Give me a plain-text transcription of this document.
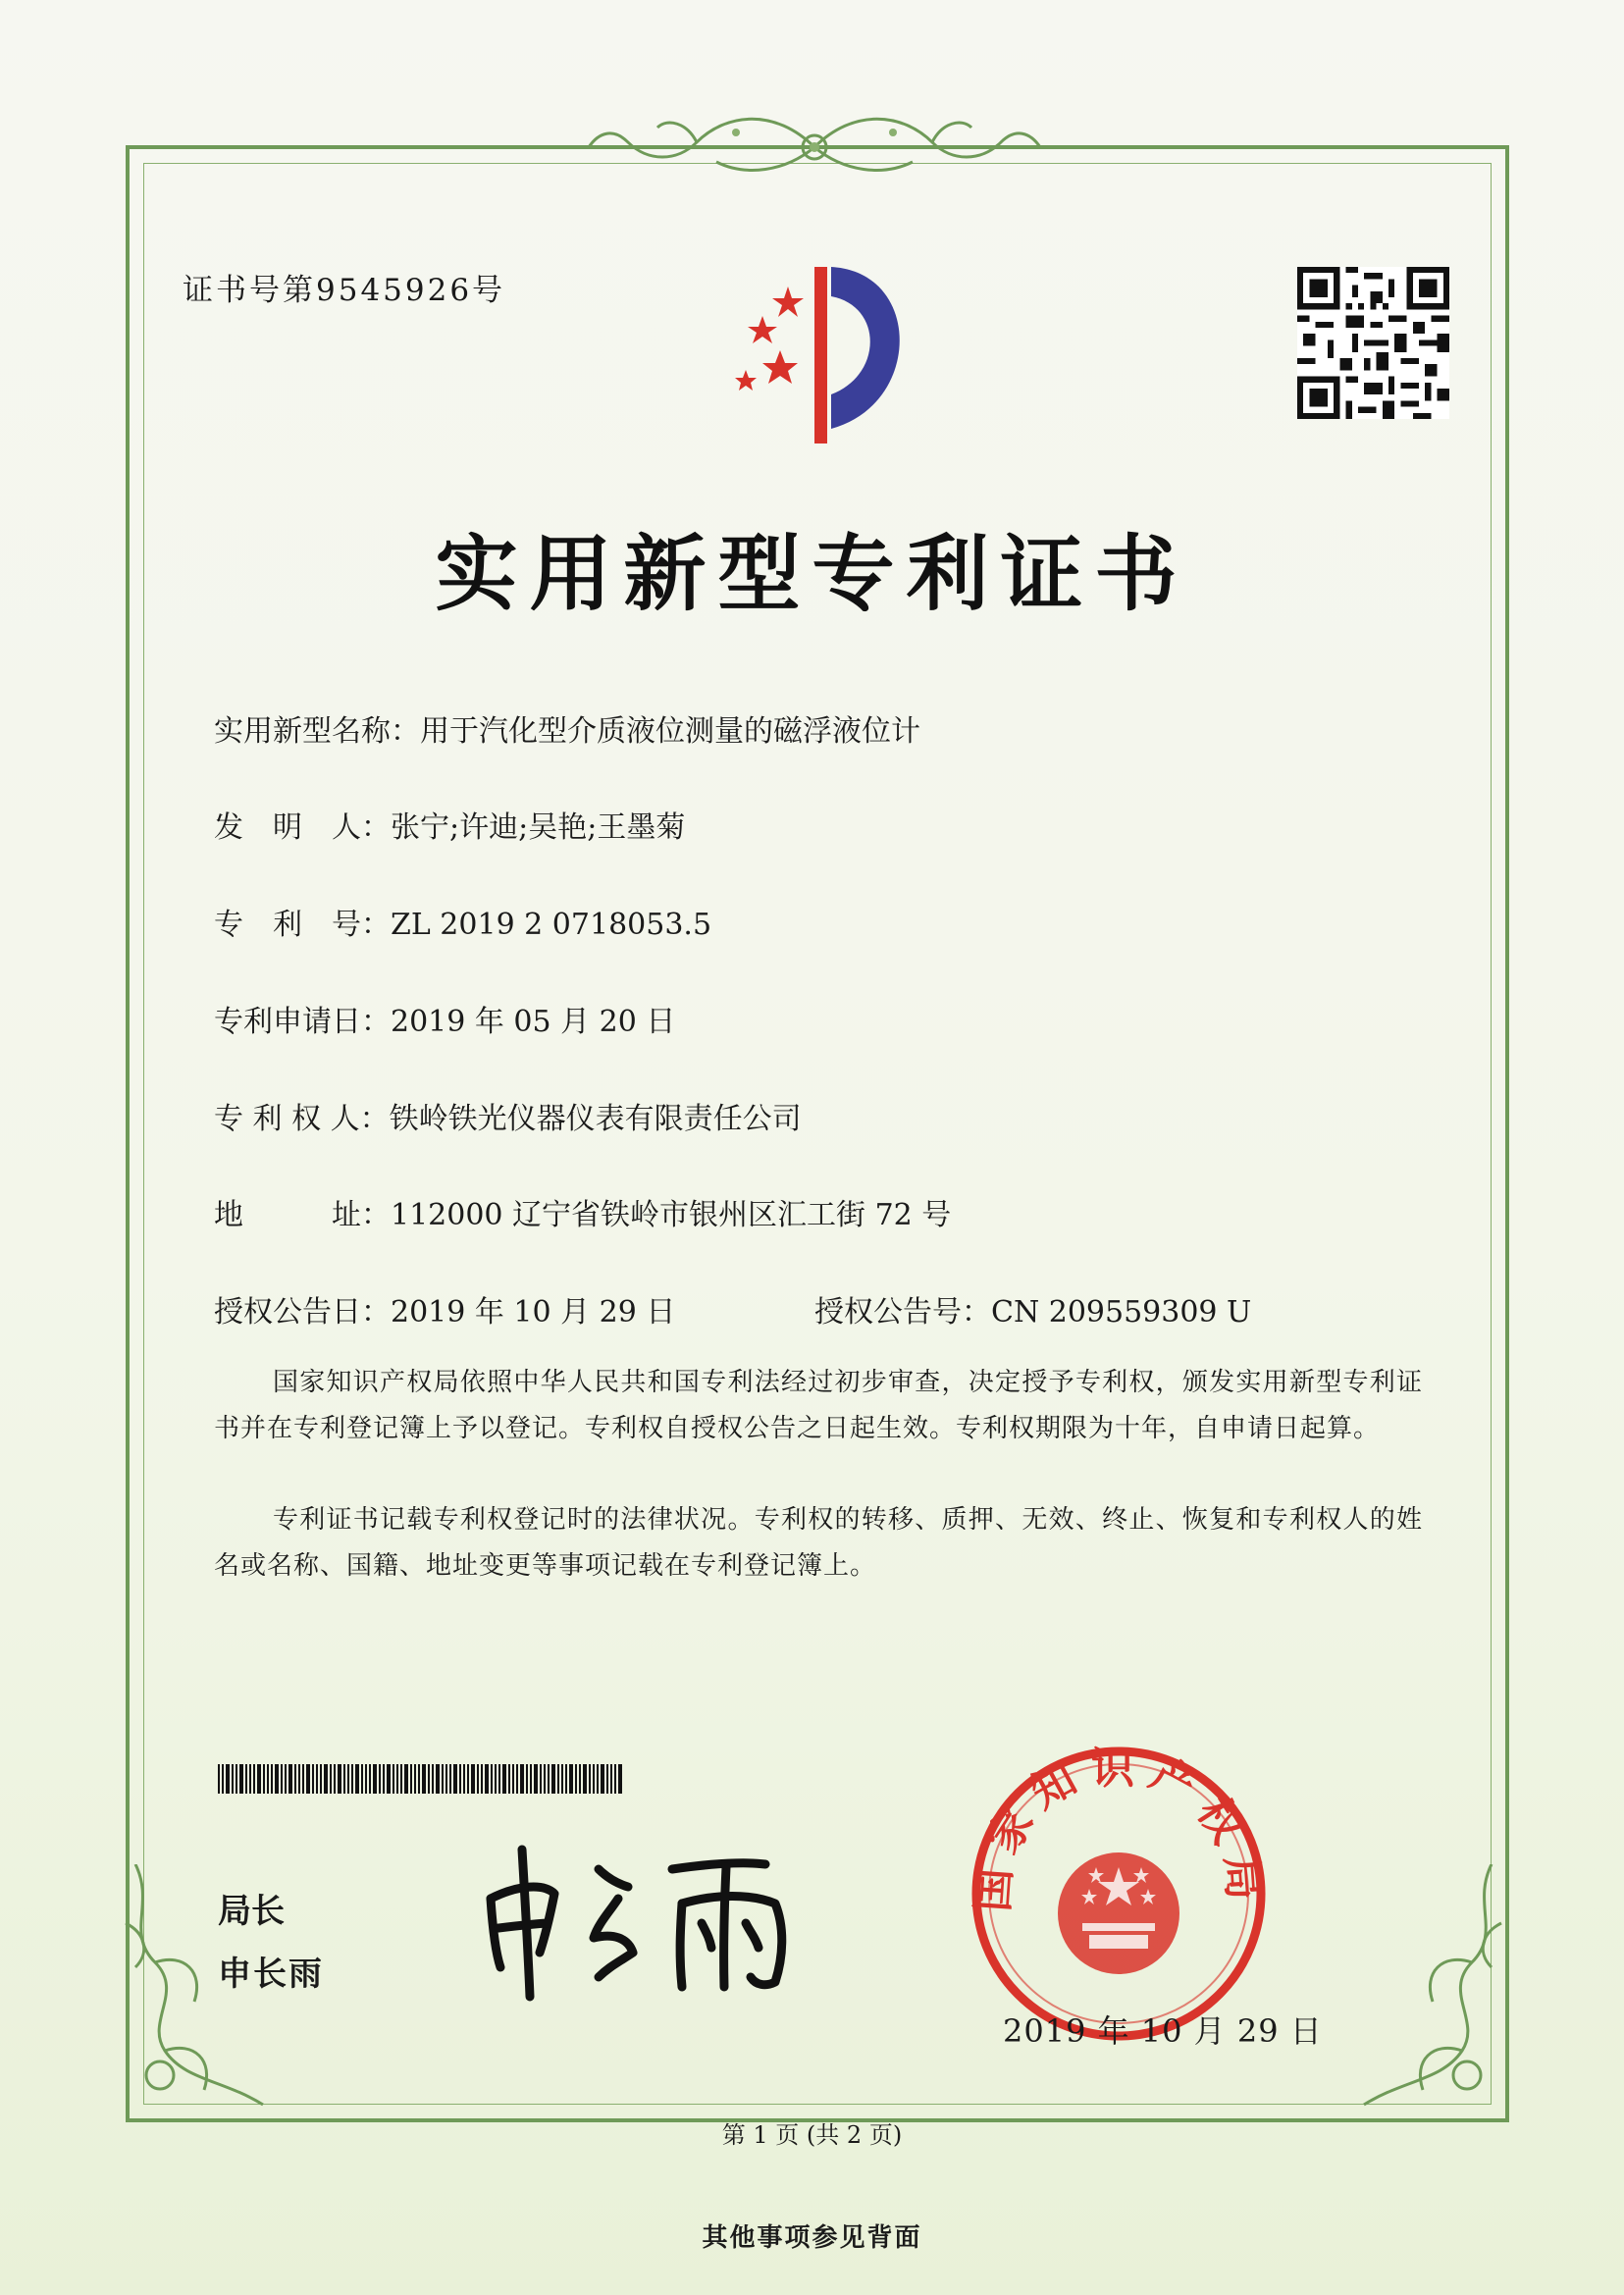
证书号第9545926号
实用新型专利证书
实用新型名称：用于汽化型介质液位测量的磁浮液位计
发　明　人：张宁;许迪;吴艳;王墨菊
专　利　号：ZL 2019 2 0718053.5
专利申请日：2019 年 05 月 20 日
专 利 权 人：铁岭铁光仪器仪表有限责任公司
地　　　址：112000 辽宁省铁岭市银州区汇工街 72 号
授权公告日：2019 年 10 月 29 日	授权公告号：CN 209559309 U
国家知识产权局依照中华人民共和国专利法经过初步审查，决定授予专利权，颁发实用新型专利证书并在专利登记簿上予以登记。专利权自授权公告之日起生效。专利权期限为十年，自申请日起算。
专利证书记载专利权登记时的法律状况。专利权的转移、质押、无效、终止、恢复和专利权人的姓名或名称、国籍、地址变更等事项记载在专利登记簿上。
局长
申长雨
国家知识产权局
2019 年 10 月 29 日
第 1 页 (共 2 页)
其他事项参见背面
